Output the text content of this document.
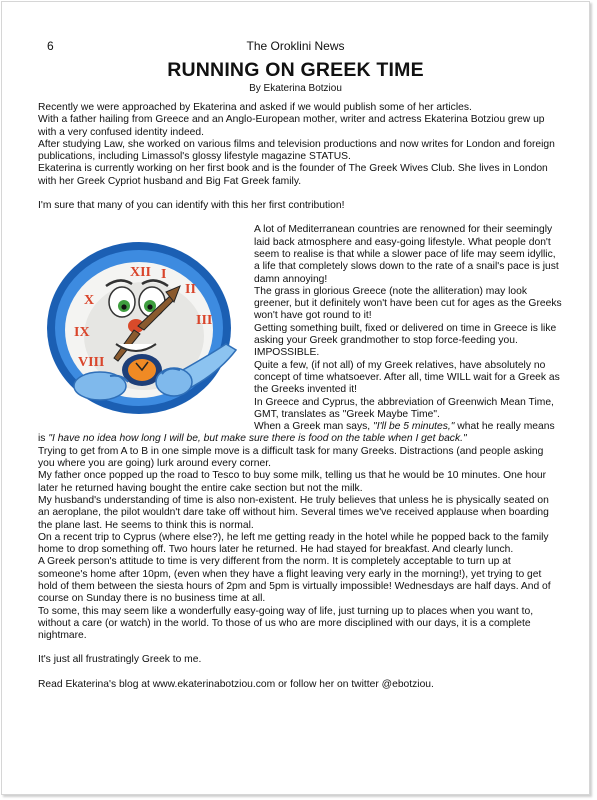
6	The Oroklini News
RUNNING ON GREEK TIME
By Ekaterina Botziou

Recently we were approached by Ekaterina and asked if we would publish some of her articles.

With a father hailing from Greece and an Anglo-European mother, writer and actress Ekaterina Botziou grew up with a very confused identity indeed.

After studying Law, she worked on various films and television productions and now writes for London and foreign publications, including Limassol's glossy lifestyle magazine STATUS.

Ekaterina is currently working on her first book and is the founder of The Greek Wives Club. She lives in London with her Greek Cypriot husband and Big Fat Greek family.

I'm sure that many of you can identify with this her first contribution!

XII I
II
III
X
IX
VIII

A lot of Mediterranean countries are renowned for their seemingly laid back atmosphere and easy-going lifestyle. What people don't seem to realise is that while a slower pace of life may seem idyllic, a life that completely slows down to the rate of a snail's pace is just damn annoying!

The grass in glorious Greece (note the alliteration) may look greener, but it definitely won't have been cut for ages as the Greeks won't have got round to it!

Getting something built, fixed or delivered on time in Greece is like asking your Greek grandmother to stop force-feeding you. IMPOSSIBLE.

Quite a few, (if not all) of my Greek relatives, have absolutely no concept of time whatsoever. After all, time WILL wait for a Greek as the Greeks invented it!

In Greece and Cyprus, the abbreviation of Greenwich Mean Time, GMT, translates as "Greek Maybe Time".

When a Greek man says, "I'll be 5 minutes," what he really means is "I have no idea how long I will be, but make sure there is food on the table when I get back."

Trying to get from A to B in one simple move is a difficult task for many Greeks. Distractions (and people asking you where you are going) lurk around every corner.

My father once popped up the road to Tesco to buy some milk, telling us that he would be 10 minutes. One hour later he returned having bought the entire cake section but not the milk.

My husband's understanding of time is also non-existent. He truly believes that unless he is physically seated on an aeroplane, the pilot wouldn't dare take off without him. Several times we've received applause when boarding the plane last. He seems to think this is normal.

On a recent trip to Cyprus (where else?), he left me getting ready in the hotel while he popped back to the family home to drop something off. Two hours later he returned. He had stayed for breakfast. And clearly lunch.

A Greek person's attitude to time is very different from the norm. It is completely acceptable to turn up at someone's home after 10pm, (even when they have a flight leaving very early in the morning!), yet trying to get hold of them between the siesta hours of 2pm and 5pm is virtually impossible! Wednesdays are half days. And of course on Sunday there is no business time at all.

To some, this may seem like a wonderfully easy-going way of life, just turning up to places when you want to, without a care (or watch) in the world. To those of us who are more disciplined with our days, it is a complete nightmare.

It's just all frustratingly Greek to me.

Read Ekaterina's blog at www.ekaterinabotziou.com or follow her on twitter @ebotziou.
